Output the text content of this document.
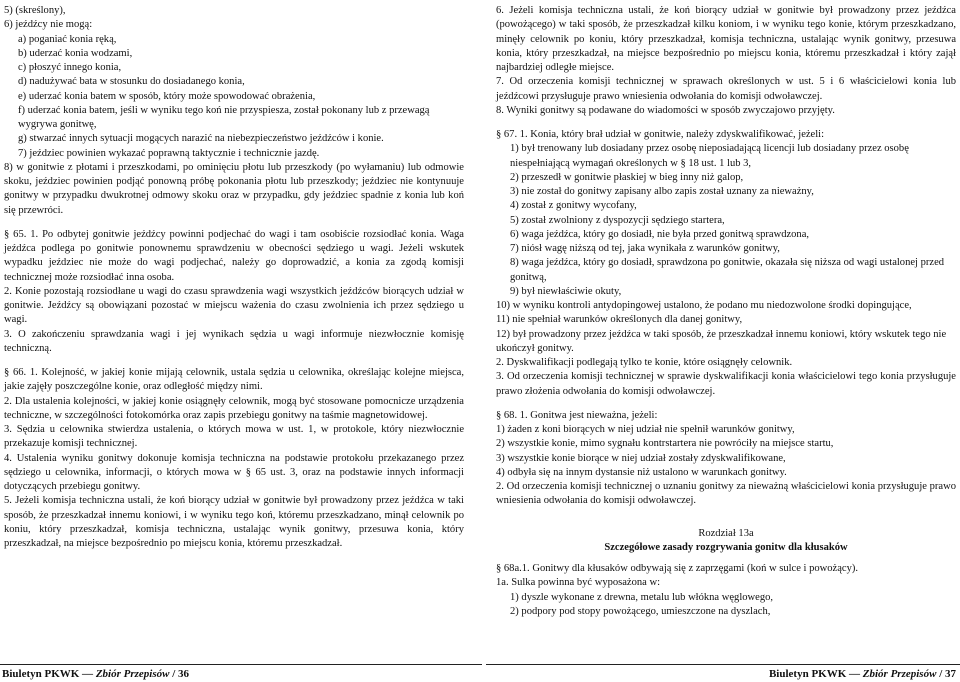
5) (skreślony),

6) jeźdźcy nie mogą:

a) poganiać konia ręką,

b) uderzać konia wodzami,

c) płoszyć innego konia,

d) nadużywać bata w stosunku do dosiadanego konia,

e) uderzać konia batem w sposób, który może spowodować obrażenia,

f) uderzać konia batem, jeśli w wyniku tego koń nie przyspiesza, został pokonany lub z przewagą wygrywa gonitwę,

g) stwarzać innych sytuacji mogących narazić na niebezpieczeństwo jeźdźców i konie.

7) jeździec powinien wykazać poprawną taktycznie i technicznie jazdę.

8) w gonitwie z płotami i przeszkodami, po ominięciu płotu lub przeszkody (po wyłamaniu) lub odmowie skoku, jeździec powinien podjąć ponowną próbę pokonania płotu lub przeszkody; jeździec nie kontynuuje gonitwy w przypadku dwukrotnej odmowy skoku oraz w przypadku, gdy jeździec spadnie z konia lub koń się przewróci.

§ 65. 1. Po odbytej gonitwie jeźdźcy powinni podjechać do wagi i tam osobiście rozsiodłać konia. Waga jeźdźca podlega po gonitwie ponownemu sprawdzeniu w obecności sędziego u wagi. Jeżeli wskutek wypadku jeździec nie może do wagi podjechać, należy go doprowadzić, a konia za zgodą komisji technicznej może rozsiodłać inna osoba.

2. Konie pozostają rozsiodłane u wagi do czasu sprawdzenia wagi wszystkich jeźdźców biorących udział w gonitwie. Jeźdźcy są obowiązani pozostać w miejscu ważenia do czasu zwolnienia ich przez sędziego u wagi.

3. O zakończeniu sprawdzania wagi i jej wynikach sędzia u wagi informuje niezwłocznie komisję techniczną.

§ 66. 1. Kolejność, w jakiej konie mijają celownik, ustala sędzia u celownika, określając kolejne miejsca, jakie zajęły poszczególne konie, oraz odległość między nimi.

2. Dla ustalenia kolejności, w jakiej konie osiągnęły celownik, mogą być stosowane pomocnicze urządzenia techniczne, w szczególności fotokomórka oraz zapis przebiegu gonitwy na taśmie magnetowidowej.

3. Sędzia u celownika stwierdza ustalenia, o których mowa w ust. 1, w protokole, który niezwłocznie przekazuje komisji technicznej.

4. Ustalenia wyniku gonitwy dokonuje komisja techniczna na podstawie protokołu przekazanego przez sędziego u celownika, informacji, o których mowa w § 65 ust. 3, oraz na podstawie innych informacji dotyczących przebiegu gonitwy.

5. Jeżeli komisja techniczna ustali, że koń biorący udział w gonitwie był prowadzony przez jeźdźca w taki sposób, że przeszkadzał innemu koniowi, i w wyniku tego koń, któremu przeszkadzano, minął celownik po koniu, który przeszkadzał, komisja techniczna, ustalając wynik gonitwy, przesuwa konia, który przeszkadzał, na miejsce bezpośrednio po miejscu konia, któremu przeszkadzał.

6. Jeżeli komisja techniczna ustali, że koń biorący udział w gonitwie był prowadzony przez jeźdźca (powożącego) w taki sposób, że przeszkadzał kilku koniom, i w wyniku tego konie, którym przeszkadzano, minęły celownik po koniu, który przeszkadzał, komisja techniczna, ustalając wynik gonitwy, przesuwa konia, który przeszkadzał, na miejsce bezpośrednio po miejscu konia, któremu przeszkadzał i który zajął najbardziej odległe miejsce.

7. Od orzeczenia komisji technicznej w sprawach określonych w ust. 5 i 6 właścicielowi konia lub jeźdźcowi przysługuje prawo wniesienia odwołania do komisji odwoławczej.

8. Wyniki gonitwy są podawane do wiadomości w sposób zwyczajowo przyjęty.

§ 67. 1. Konia, który brał udział w gonitwie, należy zdyskwalifikować, jeżeli:

1) był trenowany lub dosiadany przez osobę nieposiadającą licencji lub dosiadany przez osobę niespełniającą wymagań określonych w § 18 ust. 1 lub 3,

2) przeszedł w gonitwie płaskiej w bieg inny niż galop,

3) nie został do gonitwy zapisany albo zapis został uznany za nieważny,

4) został z gonitwy wycofany,

5) został zwolniony z dyspozycji sędziego startera,

6) waga jeźdźca, który go dosiadł, nie była przed gonitwą sprawdzona,

7) niósł wagę niższą od tej, jaka wynikała z warunków gonitwy,

8) waga jeźdźca, który go dosiadł, sprawdzona po gonitwie, okazała się niższa od wagi ustalonej przed gonitwą,

9) był niewłaściwie okuty,

10) w wyniku kontroli antydopingowej ustalono, że podano mu niedozwolone środki dopingujące,

11) nie spełniał warunków określonych dla danej gonitwy,

12) był prowadzony przez jeźdźca w taki sposób, że przeszkadzał innemu koniowi, który wskutek tego nie ukończył gonitwy.

2. Dyskwalifikacji podlegają tylko te konie, które osiągnęły celownik.

3. Od orzeczenia komisji technicznej w sprawie dyskwalifikacji konia właścicielowi tego konia przysługuje prawo złożenia odwołania do komisji odwoławczej.

§ 68. 1. Gonitwa jest nieważna, jeżeli:

1) żaden z koni biorących w niej udział nie spełnił warunków gonitwy,

2) wszystkie konie, mimo sygnału kontrstartera nie powróciły na miejsce startu,

3) wszystkie konie biorące w niej udział zostały zdyskwalifikowane,

4) odbyła się na innym dystansie niż ustalono w warunkach gonitwy.

2. Od orzeczenia komisji technicznej o uznaniu gonitwy za nieważną właścicielowi konia przysługuje prawo wniesienia odwołania do komisji odwoławczej.

Rozdział 13a

Szczegółowe zasady rozgrywania gonitw dla kłusaków

§ 68a.1. Gonitwy dla kłusaków odbywają się z zaprzęgami (koń w sulce i powożący).

1a. Sulka powinna być wyposażona w:

1) dyszle wykonane z drewna, metalu lub włókna węglowego,

2) podpory pod stopy powożącego, umieszczone na dyszlach,

Biuletyn PKWK — Zbiór Przepisów / 36	Biuletyn PKWK — Zbiór Przepisów / 37
